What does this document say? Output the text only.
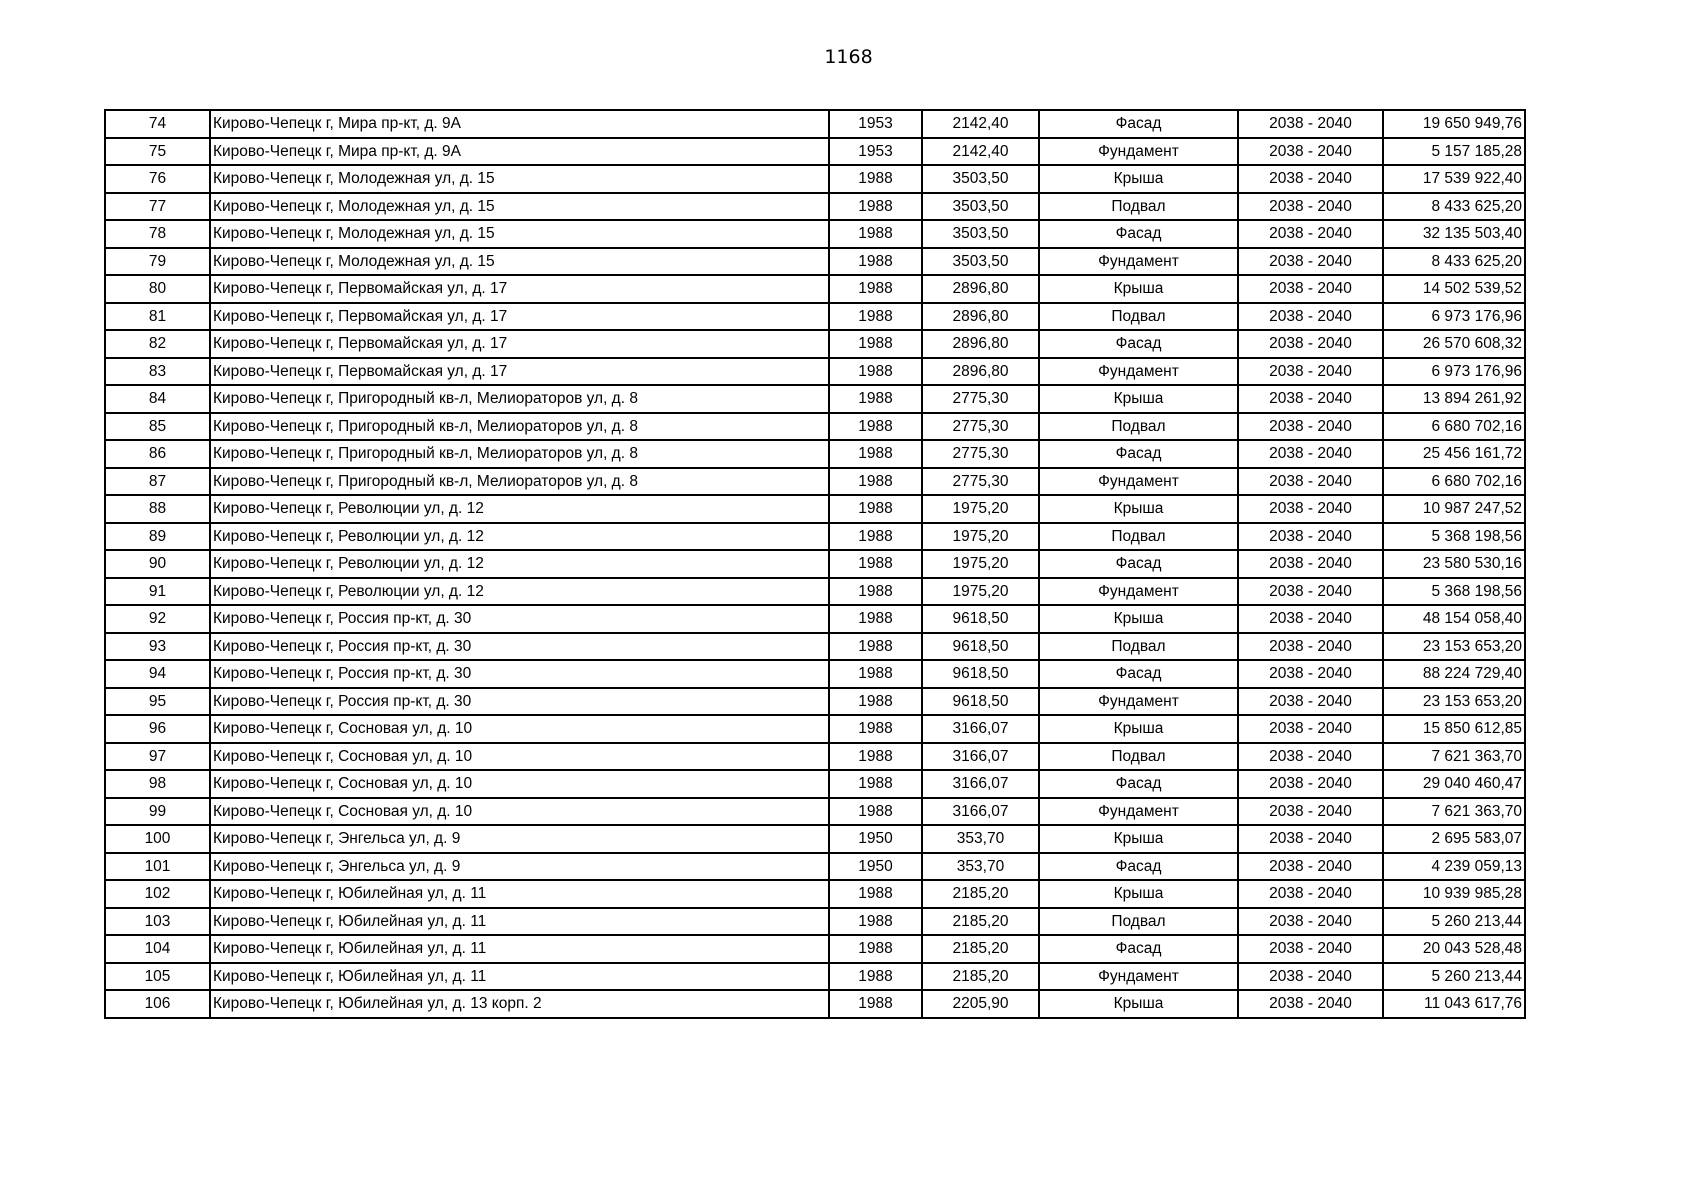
1168
74	Кирово-Чепецк г, Мира пр-кт, д. 9А	1953	2142,40	Фасад	2038 - 2040	19 650 949,76
75	Кирово-Чепецк г, Мира пр-кт, д. 9А	1953	2142,40	Фундамент	2038 - 2040	5 157 185,28
76	Кирово-Чепецк г, Молодежная ул, д. 15	1988	3503,50	Крыша	2038 - 2040	17 539 922,40
77	Кирово-Чепецк г, Молодежная ул, д. 15	1988	3503,50	Подвал	2038 - 2040	8 433 625,20
78	Кирово-Чепецк г, Молодежная ул, д. 15	1988	3503,50	Фасад	2038 - 2040	32 135 503,40
79	Кирово-Чепецк г, Молодежная ул, д. 15	1988	3503,50	Фундамент	2038 - 2040	8 433 625,20
80	Кирово-Чепецк г, Первомайская ул, д. 17	1988	2896,80	Крыша	2038 - 2040	14 502 539,52
81	Кирово-Чепецк г, Первомайская ул, д. 17	1988	2896,80	Подвал	2038 - 2040	6 973 176,96
82	Кирово-Чепецк г, Первомайская ул, д. 17	1988	2896,80	Фасад	2038 - 2040	26 570 608,32
83	Кирово-Чепецк г, Первомайская ул, д. 17	1988	2896,80	Фундамент	2038 - 2040	6 973 176,96
84	Кирово-Чепецк г, Пригородный кв-л, Мелиораторов ул, д. 8	1988	2775,30	Крыша	2038 - 2040	13 894 261,92
85	Кирово-Чепецк г, Пригородный кв-л, Мелиораторов ул, д. 8	1988	2775,30	Подвал	2038 - 2040	6 680 702,16
86	Кирово-Чепецк г, Пригородный кв-л, Мелиораторов ул, д. 8	1988	2775,30	Фасад	2038 - 2040	25 456 161,72
87	Кирово-Чепецк г, Пригородный кв-л, Мелиораторов ул, д. 8	1988	2775,30	Фундамент	2038 - 2040	6 680 702,16
88	Кирово-Чепецк г, Революции ул, д. 12	1988	1975,20	Крыша	2038 - 2040	10 987 247,52
89	Кирово-Чепецк г, Революции ул, д. 12	1988	1975,20	Подвал	2038 - 2040	5 368 198,56
90	Кирово-Чепецк г, Революции ул, д. 12	1988	1975,20	Фасад	2038 - 2040	23 580 530,16
91	Кирово-Чепецк г, Революции ул, д. 12	1988	1975,20	Фундамент	2038 - 2040	5 368 198,56
92	Кирово-Чепецк г, Россия пр-кт, д. 30	1988	9618,50	Крыша	2038 - 2040	48 154 058,40
93	Кирово-Чепецк г, Россия пр-кт, д. 30	1988	9618,50	Подвал	2038 - 2040	23 153 653,20
94	Кирово-Чепецк г, Россия пр-кт, д. 30	1988	9618,50	Фасад	2038 - 2040	88 224 729,40
95	Кирово-Чепецк г, Россия пр-кт, д. 30	1988	9618,50	Фундамент	2038 - 2040	23 153 653,20
96	Кирово-Чепецк г, Сосновая ул, д. 10	1988	3166,07	Крыша	2038 - 2040	15 850 612,85
97	Кирово-Чепецк г, Сосновая ул, д. 10	1988	3166,07	Подвал	2038 - 2040	7 621 363,70
98	Кирово-Чепецк г, Сосновая ул, д. 10	1988	3166,07	Фасад	2038 - 2040	29 040 460,47
99	Кирово-Чепецк г, Сосновая ул, д. 10	1988	3166,07	Фундамент	2038 - 2040	7 621 363,70
100	Кирово-Чепецк г, Энгельса ул, д. 9	1950	353,70	Крыша	2038 - 2040	2 695 583,07
101	Кирово-Чепецк г, Энгельса ул, д. 9	1950	353,70	Фасад	2038 - 2040	4 239 059,13
102	Кирово-Чепецк г, Юбилейная ул, д. 11	1988	2185,20	Крыша	2038 - 2040	10 939 985,28
103	Кирово-Чепецк г, Юбилейная ул, д. 11	1988	2185,20	Подвал	2038 - 2040	5 260 213,44
104	Кирово-Чепецк г, Юбилейная ул, д. 11	1988	2185,20	Фасад	2038 - 2040	20 043 528,48
105	Кирово-Чепецк г, Юбилейная ул, д. 11	1988	2185,20	Фундамент	2038 - 2040	5 260 213,44
106	Кирово-Чепецк г, Юбилейная ул, д. 13 корп. 2	1988	2205,90	Крыша	2038 - 2040	11 043 617,76
